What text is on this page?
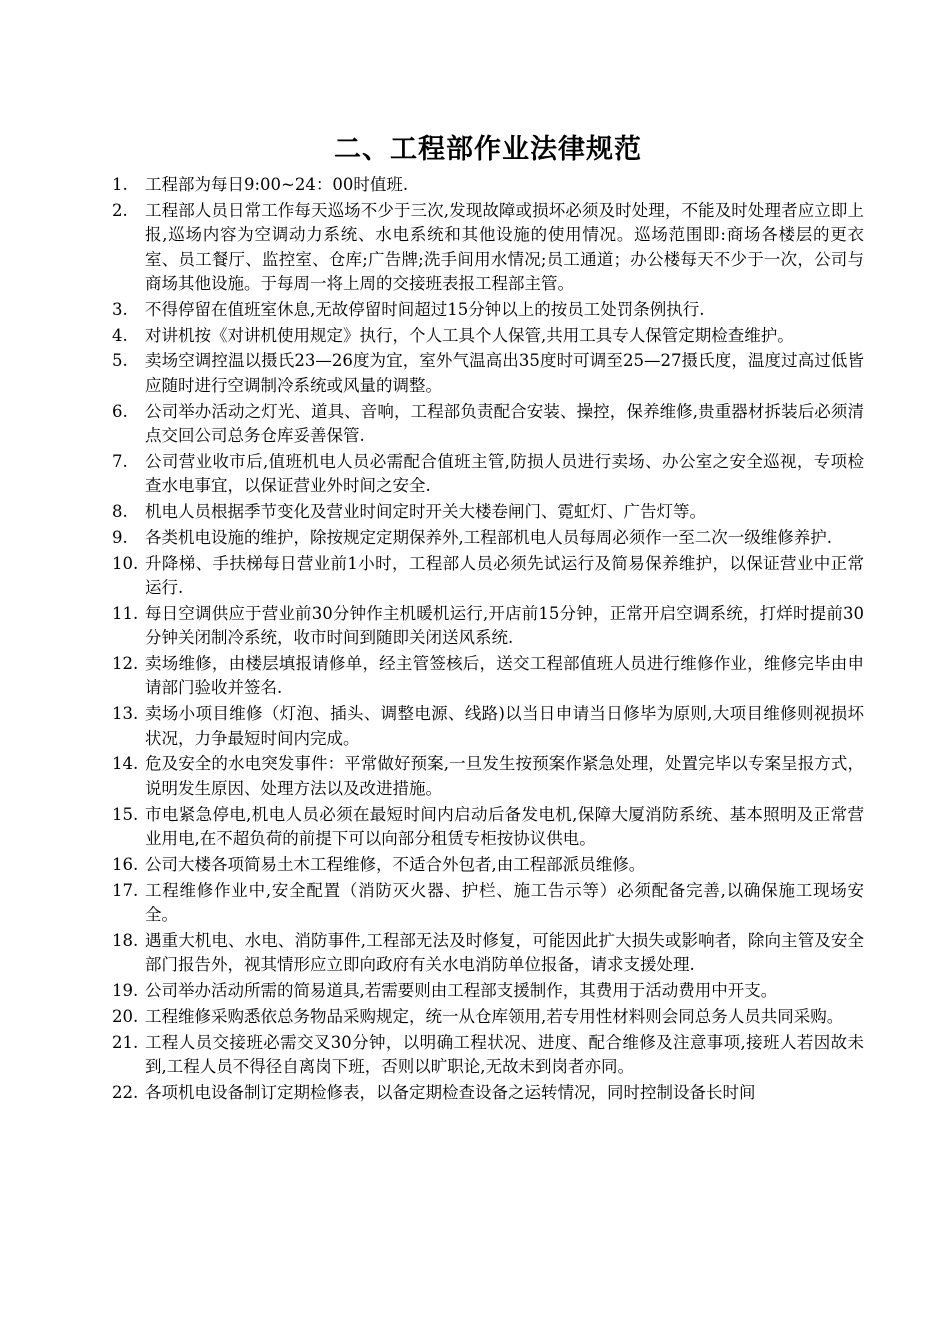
二、工程部作业法律规范
1.	工程部为每日9:00~24：00时值班.
2.	工程部人员日常工作每天巡场不少于三次,发现故障或损坏必须及时处理，不能及时处理者应立即上报,巡场内容为空调动力系统、水电系统和其他设施的使用情况。巡场范围即:商场各楼层的更衣室、员工餐厅、监控室、仓库;广告牌;洗手间用水情况;员工通道；办公楼每天不少于一次，公司与商场其他设施。于每周一将上周的交接班表报工程部主管。
3.	不得停留在值班室休息,无故停留时间超过15分钟以上的按员工处罚条例执行.
4.	对讲机按《对讲机使用规定》执行，个人工具个人保管,共用工具专人保管定期检查维护。
5.	卖场空调控温以摄氏23—26度为宜，室外气温高出35度时可调至25—27摄氏度，温度过高过低皆应随时进行空调制冷系统或风量的调整。
6.	公司举办活动之灯光、道具、音响，工程部负责配合安装、操控，保养维修,贵重器材拆装后必须清点交回公司总务仓库妥善保管.
7.	公司营业收市后,值班机电人员必需配合值班主管,防损人员进行卖场、办公室之安全巡视，专项检查水电事宜，以保证营业外时间之安全.
8.	机电人员根据季节变化及营业时间定时开关大楼卷闸门、霓虹灯、广告灯等。
9.	各类机电设施的维护，除按规定定期保养外,工程部机电人员每周必须作一至二次一级维修养护.
10. 升降梯、手扶梯每日营业前1小时，工程部人员必须先试运行及简易保养维护，以保证营业中正常运行.
11. 每日空调供应于营业前30分钟作主机暖机运行,开店前15分钟，正常开启空调系统，打烊时提前30分钟关闭制冷系统，收市时间到随即关闭送风系统.
12. 卖场维修，由楼层填报请修单，经主管签核后，送交工程部值班人员进行维修作业，维修完毕由申请部门验收并签名.
13. 卖场小项目维修（灯泡、插头、调整电源、线路)以当日申请当日修毕为原则,大项目维修则视损坏状况，力争最短时间内完成。
14. 危及安全的水电突发事件：平常做好预案,一旦发生按预案作紧急处理，处置完毕以专案呈报方式，说明发生原因、处理方法以及改进措施。
15. 市电紧急停电,机电人员必须在最短时间内启动后备发电机,保障大厦消防系统、基本照明及正常营业用电,在不超负荷的前提下可以向部分租赁专柜按协议供电。
16. 公司大楼各项简易土木工程维修，不适合外包者,由工程部派员维修。
17. 工程维修作业中,安全配置（消防灭火器、护栏、施工告示等）必须配备完善,以确保施工现场安全。
18. 遇重大机电、水电、消防事件,工程部无法及时修复，可能因此扩大损失或影响者，除向主管及安全部门报告外，视其情形应立即向政府有关水电消防单位报备，请求支援处理.
19. 公司举办活动所需的简易道具,若需要则由工程部支援制作，其费用于活动费用中开支。
20. 工程维修采购悉依总务物品采购规定，统一从仓库领用,若专用性材料则会同总务人员共同采购。
21. 工程人员交接班必需交叉30分钟，以明确工程状况、进度、配合维修及注意事项,接班人若因故未到,工程人员不得径自离岗下班，否则以旷职论,无故未到岗者亦同。
22. 各项机电设备制订定期检修表，以备定期检查设备之运转情况，同时控制设备长时间
